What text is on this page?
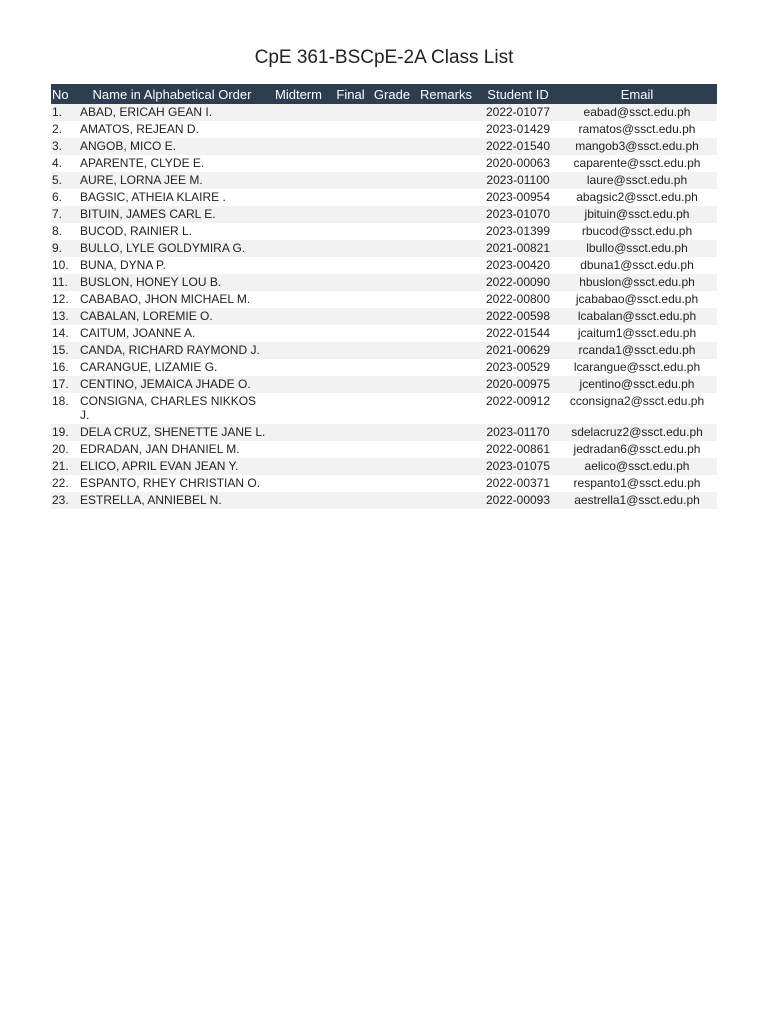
CpE 361-BSCpE-2A Class List
No	Name in Alphabetical Order	Midterm	Final	Grade	Remarks	Student ID	Email
1.	ABAD, ERICAH GEAN I.					2022-01077	eabad@ssct.edu.ph
2.	AMATOS, REJEAN D.					2023-01429	ramatos@ssct.edu.ph
3.	ANGOB, MICO E.					2022-01540	mangob3@ssct.edu.ph
4.	APARENTE, CLYDE E.					2020-00063	caparente@ssct.edu.ph
5.	AURE, LORNA JEE M.					2023-01100	laure@ssct.edu.ph
6.	BAGSIC, ATHEIA KLAIRE .					2023-00954	abagsic2@ssct.edu.ph
7.	BITUIN, JAMES CARL E.					2023-01070	jbituin@ssct.edu.ph
8.	BUCOD, RAINIER L.					2023-01399	rbucod@ssct.edu.ph
9.	BULLO, LYLE GOLDYMIRA G.					2021-00821	lbullo@ssct.edu.ph
10.	BUNA, DYNA P.					2023-00420	dbuna1@ssct.edu.ph
11.	BUSLON, HONEY LOU B.					2022-00090	hbuslon@ssct.edu.ph
12.	CABABAO, JHON MICHAEL M.					2022-00800	jcababao@ssct.edu.ph
13.	CABALAN, LOREMIE O.					2022-00598	lcabalan@ssct.edu.ph
14.	CAITUM, JOANNE A.					2022-01544	jcaitum1@ssct.edu.ph
15.	CANDA, RICHARD RAYMOND J.					2021-00629	rcanda1@ssct.edu.ph
16.	CARANGUE, LIZAMIE G.					2023-00529	lcarangue@ssct.edu.ph
17.	CENTINO, JEMAICA JHADE O.					2020-00975	jcentino@ssct.edu.ph
18.	CONSIGNA, CHARLES NIKKOS J.					2022-00912	cconsigna2@ssct.edu.ph
19.	DELA CRUZ, SHENETTE JANE L.					2023-01170	sdelacruz2@ssct.edu.ph
20.	EDRADAN, JAN DHANIEL M.					2022-00861	jedradan6@ssct.edu.ph
21.	ELICO, APRIL EVAN JEAN Y.					2023-01075	aelico@ssct.edu.ph
22.	ESPANTO, RHEY CHRISTIAN O.					2022-00371	respanto1@ssct.edu.ph
23.	ESTRELLA, ANNIEBEL N.					2022-00093	aestrella1@ssct.edu.ph
